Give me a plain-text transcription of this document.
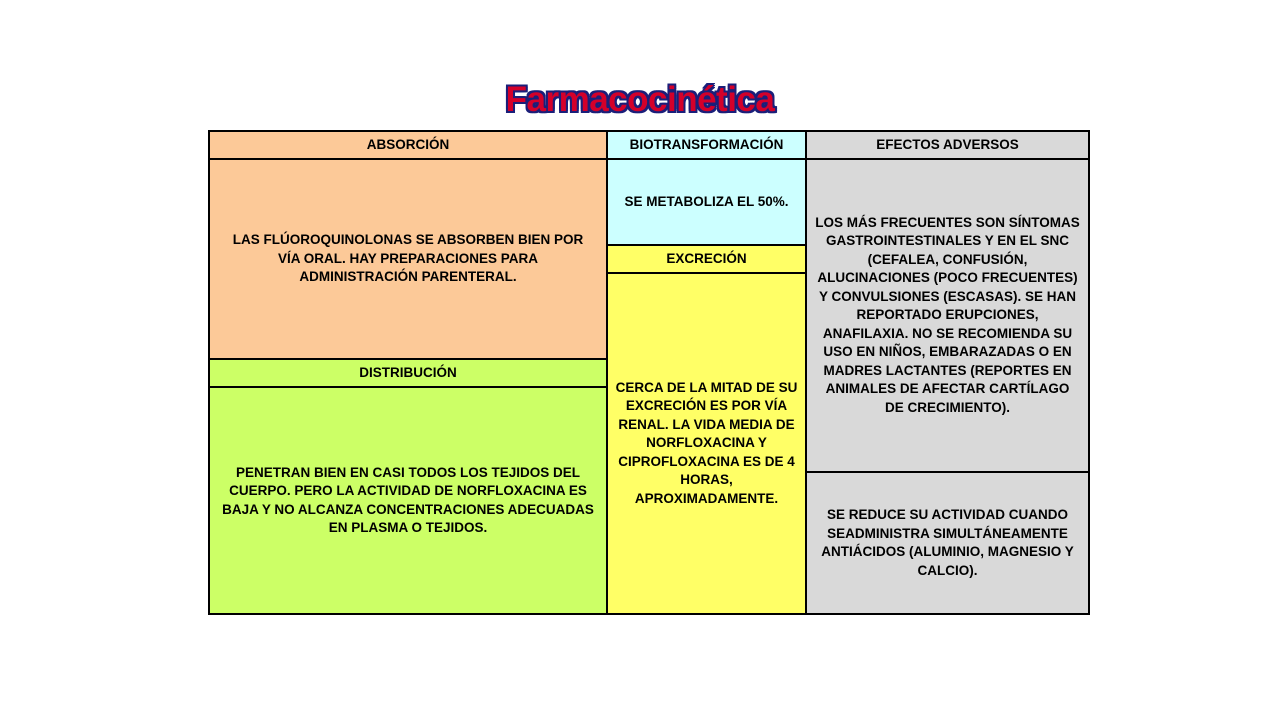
Farmacocinética
ABSORCIÓN
LAS FLÚOROQUINOLONAS SE ABSORBEN BIEN POR VÍA ORAL. HAY PREPARACIONES PARA ADMINISTRACIÓN PARENTERAL.
DISTRIBUCIÓN
PENETRAN BIEN EN CASI TODOS LOS TEJIDOS DEL CUERPO. PERO LA ACTIVIDAD DE NORFLOXACINA ES BAJA Y NO ALCANZA CONCENTRACIONES ADECUADAS EN PLASMA O TEJIDOS.
BIOTRANSFORMACIÓN
SE METABOLIZA EL 50%.
EXCRECIÓN
CERCA DE LA MITAD DE SU EXCRECIÓN ES POR VÍA RENAL. LA VIDA MEDIA DE NORFLOXACINA Y CIPROFLOXACINA ES DE 4 HORAS, APROXIMADAMENTE.
EFECTOS ADVERSOS
LOS MÁS FRECUENTES SON SÍNTOMAS GASTROINTESTINALES Y EN EL SNC (CEFALEA, CONFUSIÓN, ALUCINACIONES (POCO FRECUENTES) Y CONVULSIONES (ESCASAS). SE HAN REPORTADO ERUPCIONES, ANAFILAXIA. NO SE RECOMIENDA SU USO EN NIÑOS, EMBARAZADAS O EN MADRES LACTANTES (REPORTES EN ANIMALES DE AFECTAR CARTÍLAGO DE CRECIMIENTO).
SE REDUCE SU ACTIVIDAD CUANDO SEADMINISTRA SIMULTÁNEAMENTE ANTIÁCIDOS (ALUMINIO, MAGNESIO Y CALCIO).
